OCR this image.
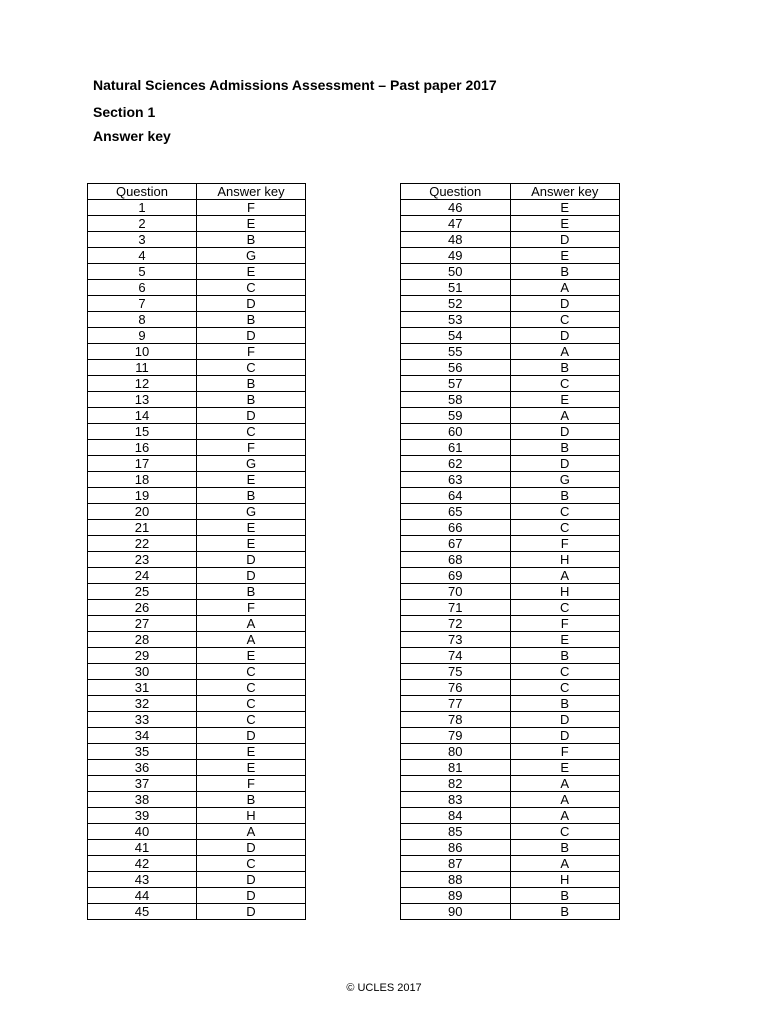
Natural Sciences Admissions Assessment – Past paper 2017
Section 1
Answer key
Question	Answer key
1	F
2	E
3	B
4	G
5	E
6	C
7	D
8	B
9	D
10	F
11	C
12	B
13	B
14	D
15	C
16	F
17	G
18	E
19	B
20	G
21	E
22	E
23	D
24	D
25	B
26	F
27	A
28	A
29	E
30	C
31	C
32	C
33	C
34	D
35	E
36	E
37	F
38	B
39	H
40	A
41	D
42	C
43	D
44	D
45	D
Question	Answer key
46	E
47	E
48	D
49	E
50	B
51	A
52	D
53	C
54	D
55	A
56	B
57	C
58	E
59	A
60	D
61	B
62	D
63	G
64	B
65	C
66	C
67	F
68	H
69	A
70	H
71	C
72	F
73	E
74	B
75	C
76	C
77	B
78	D
79	D
80	F
81	E
82	A
83	A
84	A
85	C
86	B
87	A
88	H
89	B
90	B
© UCLES 2017
